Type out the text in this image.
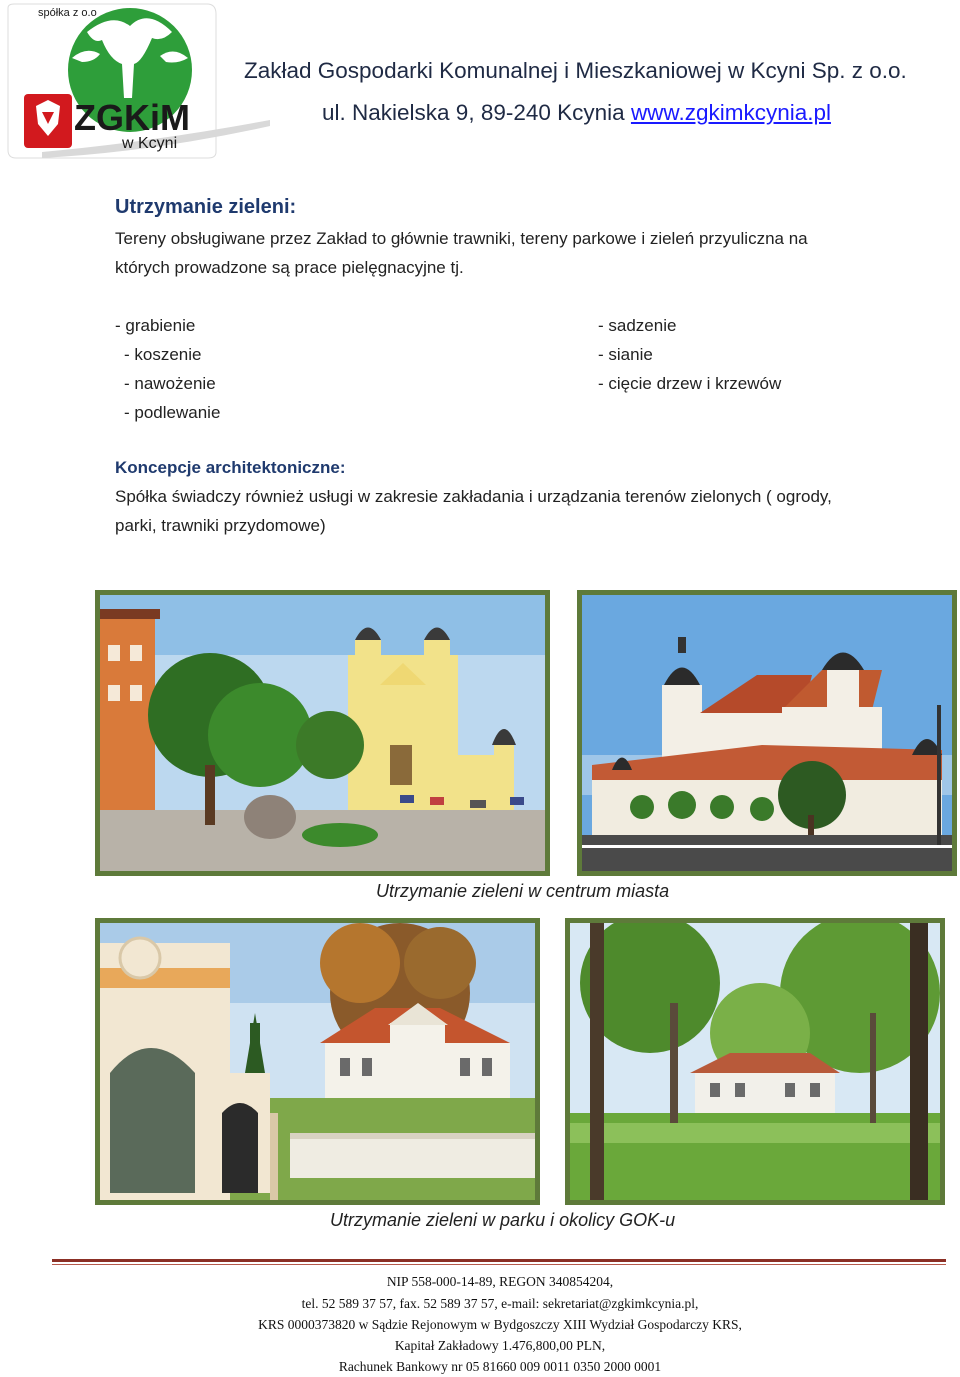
spółka z o.o
ZGKiM
w Kcyni
Zakład Gospodarki Komunalnej i Mieszkaniowej w Kcyni Sp. z o.o.
ul. Nakielska 9, 89-240 Kcynia www.zgkimkcynia.pl
Utrzymanie zieleni:
Tereny obsługiwane przez Zakład to głównie trawniki, tereny parkowe i zieleń przyuliczna na
których prowadzone są prace pielęgnacyjne tj.
- grabienie
- koszenie
- nawożenie
- podlewanie
- sadzenie
- sianie
- cięcie drzew i krzewów
Koncepcje architektoniczne:
Spółka świadczy również usługi w zakresie zakładania i urządzania terenów zielonych ( ogrody,
parki, trawniki przydomowe)
Utrzymanie zieleni w centrum miasta
Utrzymanie zieleni w parku i okolicy GOK-u
NIP 558-000-14-89, REGON 340854204,
tel. 52 589 37 57, fax. 52 589 37 57, e-mail: sekretariat@zgkimkcynia.pl,
KRS 0000373820 w Sądzie Rejonowym w Bydgoszczy XIII Wydział Gospodarczy KRS,
Kapitał Zakładowy 1.476,800,00 PLN,
Rachunek Bankowy nr 05 81660 009 0011 0350 2000 0001
